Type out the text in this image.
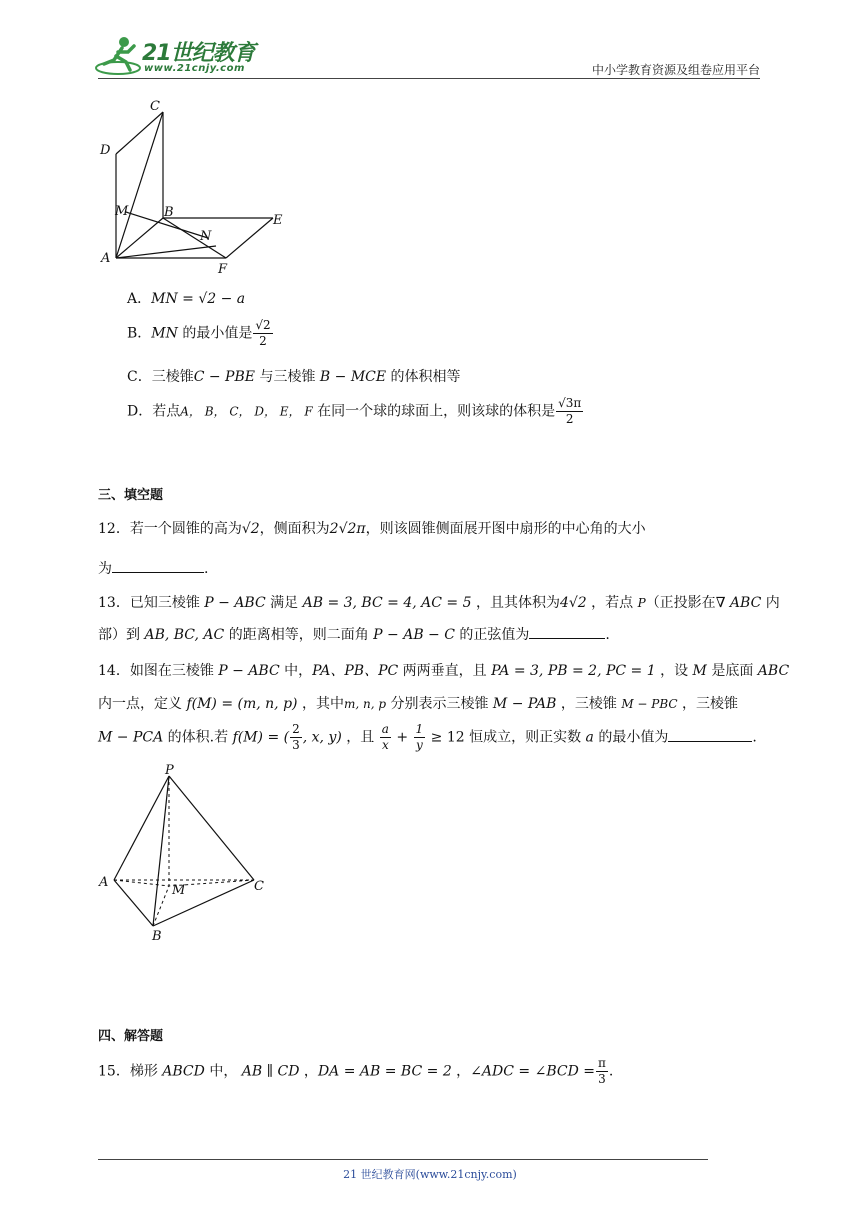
21世纪教育
www.21cnjy.com	中小学教育资源及组卷应用平台
C
D
M	B
E
N
A
F
A．MN = √2 − a
B．MN 的最小值是 $\frac{√2}{2}$
C．三棱锥C − PBE 与三棱锥 B − MCE 的体积相等
D．若点A， B， C， D， E， F 在同一个球的球面上，则该球的体积是 $\frac{√3\pi}{2}$
三、填空题
12．若一个圆锥的高为√2，侧面积为2√2π，则该圆锥侧面展开图中扇形的中心角的大小
为	.
13．已知三棱锥 P − ABC 满足 AB = 3, BC = 4, AC = 5 ，且其体积为4√2 ，若点 P（正投影在∇ ABC 内
部）到 AB, BC, AC 的距离相等，则二面角 P − AB − C 的正弦值为	.
14．如图在三棱锥 P − ABC 中，PA、PB、PC 两两垂直，且 PA = 3, PB = 2, PC = 1 ，设 M 是底面 ABC
内一点，定义 f(M) = (m, n, p) ，其中m, n, p 分别表示三棱锥 M − PAB ，三棱锥 M − PBC ，三棱锥
M − PCA 的体积.若 f(M) = ( $\frac{2}{3}$ , x, y) ，且 $\frac{a}{x} + \frac{1}{y} \ge 12$ 恒成立，则正实数 a 的最小值为	.
P
A
M	C
B
四、解答题
15．梯形 ABCD 中， AB ∥ CD ，DA = AB = BC = 2 ，∠ADC = ∠BCD = $\frac{\pi}{3}$ .
21 世纪教育网(www.21cnjy.com)
